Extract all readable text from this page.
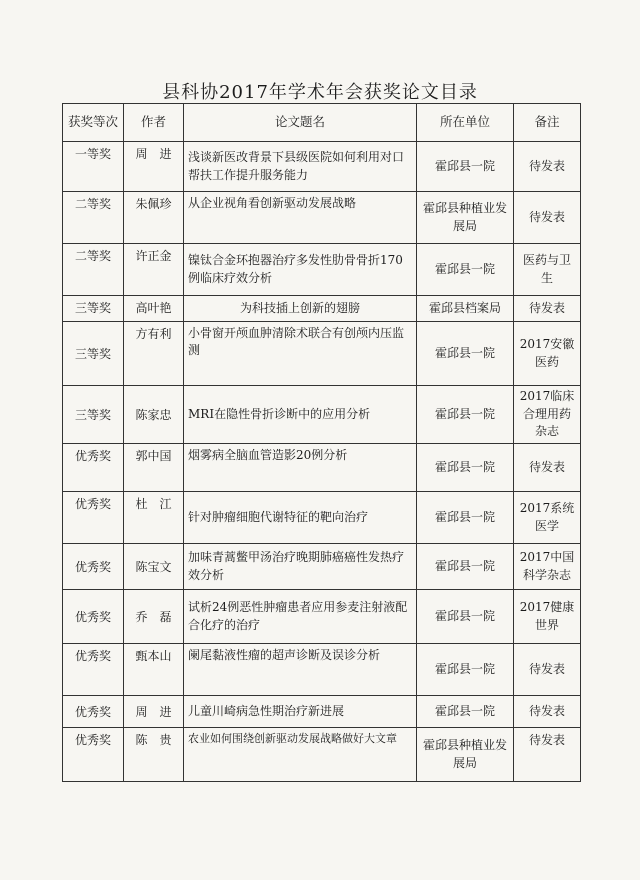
县科协2017年学术年会获奖论文目录
获奖等次	作者	论文题名	所在单位	备注
一等奖	周　进	浅谈新医改背景下县级医院如何利用对口帮扶工作提升服务能力	霍邱县一院	待发表
二等奖	朱佩珍	从企业视角看创新驱动发展战略	霍邱县种植业发展局	待发表
二等奖	许正金	镍钛合金环抱器治疗多发性肋骨骨折170例临床疗效分析	霍邱县一院	医药与卫生
三等奖	高叶艳	为科技插上创新的翅膀	霍邱县档案局	待发表
三等奖	方有利	小骨窗开颅血肿清除术联合有创颅内压监测	霍邱县一院	2017安徽医药
三等奖	陈家忠	MRI在隐性骨折诊断中的应用分析	霍邱县一院	2017临床合理用药杂志
优秀奖	郭中国	烟雾病全脑血管造影20例分析	霍邱县一院	待发表
优秀奖	杜　江	针对肿瘤细胞代谢特征的靶向治疗	霍邱县一院	2017系统医学
优秀奖	陈宝文	加味青蒿鳖甲汤治疗晚期肺癌癌性发热疗效分析	霍邱县一院	2017中国科学杂志
优秀奖	乔　磊	试析24例恶性肿瘤患者应用参麦注射液配合化疗的治疗	霍邱县一院	2017健康世界
优秀奖	甄本山	阑尾黏液性瘤的超声诊断及误诊分析	霍邱县一院	待发表
优秀奖	周　进	儿童川崎病急性期治疗新进展	霍邱县一院	待发表
优秀奖	陈　贵	农业如何围绕创新驱动发展战略做好大文章	霍邱县种植业发展局	待发表
